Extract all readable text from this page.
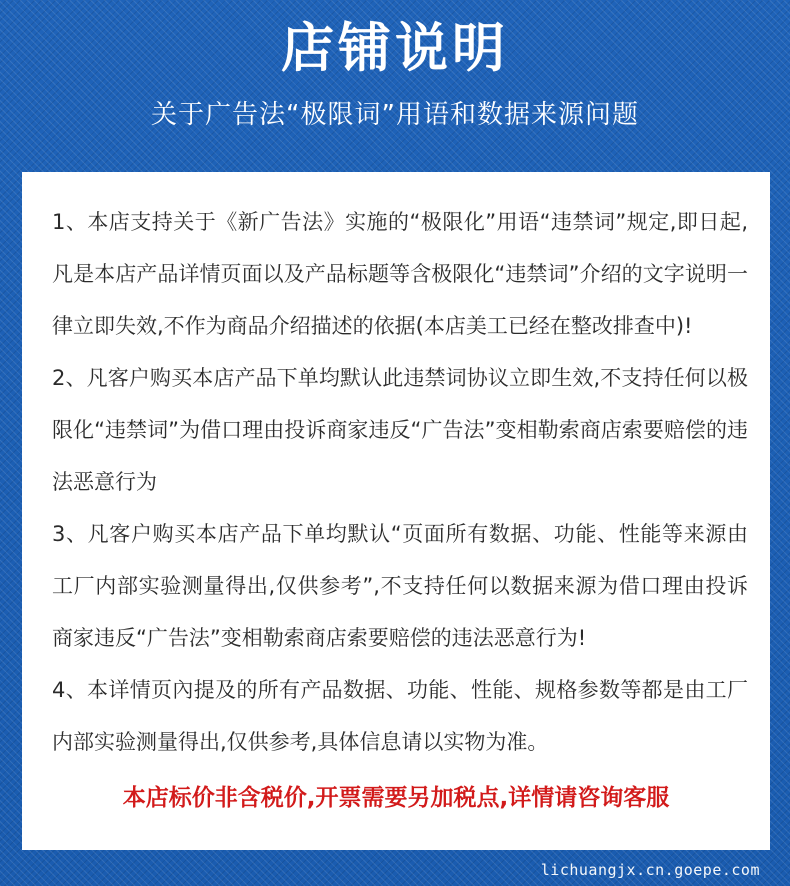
店铺说明
关于广告法“极限词”用语和数据来源问题
1、本店支持关于《新广告法》实施的“极限化”用语“违禁词”规定,即日起,凡是本店产品详情页面以及产品标题等含极限化“违禁词”介绍的文字说明一律立即失效,不作为商品介绍描述的依据(本店美工已经在整改排查中)!
2、凡客户购买本店产品下单均默认此违禁词协议立即生效,不支持任何以极限化“违禁词”为借口理由投诉商家违反“广告法”变相勒索商店索要赔偿的违法恶意行为
3、凡客户购买本店产品下单均默认“页面所有数据、功能、性能等来源由工厂内部实验测量得出,仅供参考”,不支持任何以数据来源为借口理由投诉商家违反“广告法”变相勒索商店索要赔偿的违法恶意行为!
4、本详情页內提及的所有产品数据、功能、性能、规格参数等都是由工厂内部实验测量得出,仅供参考,具体信息请以实物为准。
本店标价非含税价,开票需要另加税点,详情请咨询客服
lichuangjx.cn.goepe.com
